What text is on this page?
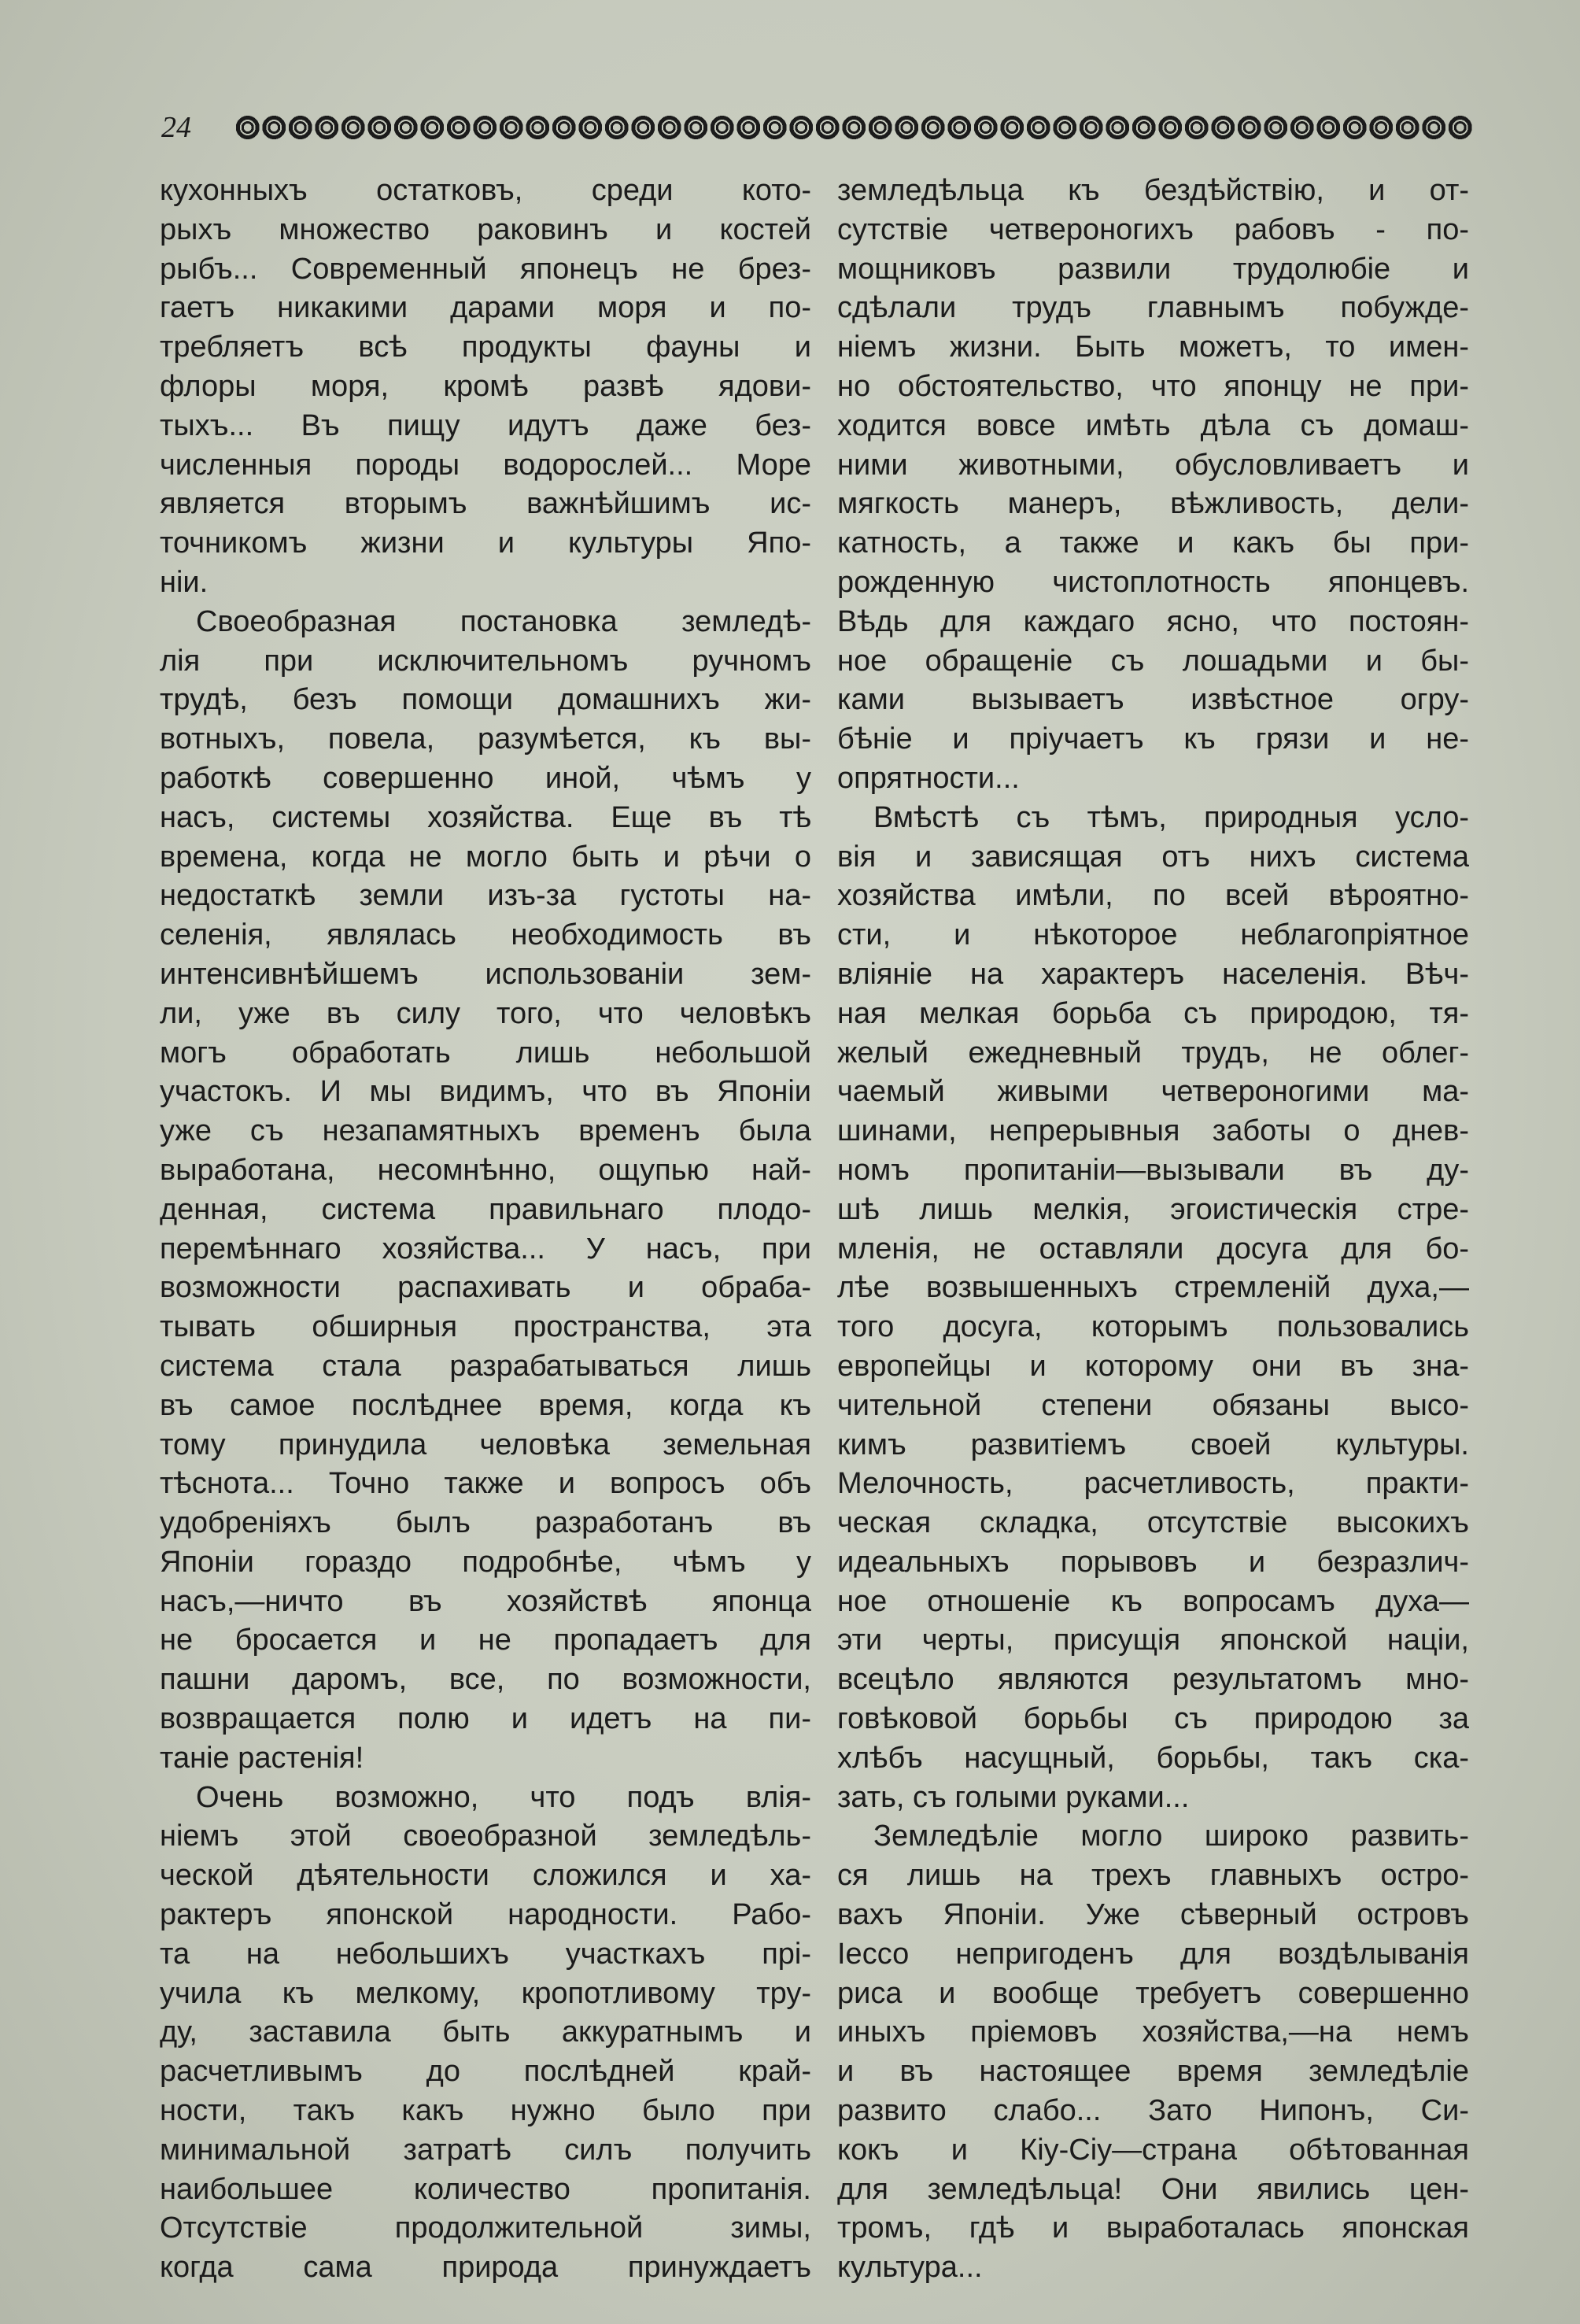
24
кухонныхъ остатковъ, среди кото-
рыхъ множество раковинъ и костей
рыбъ... Современный японецъ не брез-
гаетъ никакими дарами моря и по-
требляетъ всѣ продукты фауны и
флоры моря, кромѣ развѣ ядови-
тыхъ... Въ пищу идутъ даже без-
численныя породы водорослей... Море
является вторымъ важнѣйшимъ ис-
точникомъ жизни и культуры Япо-
ніи.
Своеобразная постановка земледѣ-
лія при исключительномъ ручномъ
трудѣ, безъ помощи домашнихъ жи-
вотныхъ, повела, разумѣется, къ вы-
работкѣ совершенно иной, чѣмъ у
насъ, системы хозяйства. Еще въ тѣ
времена, когда не могло быть и рѣчи о
недостаткѣ земли изъ-за густоты на-
селенія, являлась необходимость въ
интенсивнѣйшемъ использованіи зем-
ли, уже въ силу того, что человѣкъ
могъ обработать лишь небольшой
участокъ. И мы видимъ, что въ Японіи
уже съ незапамятныхъ временъ была
выработана, несомнѣнно, ощупью най-
денная, система правильнаго плодо-
перемѣннаго хозяйства... У насъ, при
возможности распахивать и обраба-
тывать обширныя пространства, эта
система стала разрабатываться лишь
въ самое послѣднее время, когда къ
тому принудила человѣка земельная
тѣснота... Точно также и вопросъ объ
удобреніяхъ былъ разработанъ въ
Японіи гораздо подробнѣе, чѣмъ у
насъ,—ничто въ хозяйствѣ японца
не бросается и не пропадаетъ для
пашни даромъ, все, по возможности,
возвращается полю и идетъ на пи-
таніе растенія!
Очень возможно, что подъ влія-
ніемъ этой своеобразной земледѣль-
ческой дѣятельности сложился и ха-
рактеръ японской народности. Рабо-
та на небольшихъ участкахъ прі-
учила къ мелкому, кропотливому тру-
ду, заставила быть аккуратнымъ и
расчетливымъ до послѣдней край-
ности, такъ какъ нужно было при
минимальной затратѣ силъ получить
наибольшее количество пропитанія.
Отсутствіе продолжительной зимы,
когда сама природа принуждаетъ
земледѣльца къ бездѣйствію, и от-
сутствіе четвероногихъ рабовъ - по-
мощниковъ развили трудолюбіе и
сдѣлали трудъ главнымъ побужде-
ніемъ жизни. Быть можетъ, то имен-
но обстоятельство, что японцу не при-
ходится вовсе имѣть дѣла съ домаш-
ними животными, обусловливаетъ и
мягкость манеръ, вѣжливость, дели-
катность, а также и какъ бы при-
рожденную чистоплотность японцевъ.
Вѣдь для каждаго ясно, что постоян-
ное обращеніе съ лошадьми и бы-
ками вызываетъ извѣстное огру-
бѣніе и пріучаетъ къ грязи и не-
опрятности...
Вмѣстѣ съ тѣмъ, природныя усло-
вія и зависящая отъ нихъ система
хозяйства имѣли, по всей вѣроятно-
сти, и нѣкоторое неблагопріятное
вліяніе на характеръ населенія. Вѣч-
ная мелкая борьба съ природою, тя-
желый ежедневный трудъ, не облег-
чаемый живыми четвероногими ма-
шинами, непрерывныя заботы о днев-
номъ пропитаніи—вызывали въ ду-
шѣ лишь мелкія, эгоистическія стре-
мленія, не оставляли досуга для бо-
лѣе возвышенныхъ стремленій духа,—
того досуга, которымъ пользовались
европейцы и которому они въ зна-
чительной степени обязаны высо-
кимъ развитіемъ своей культуры.
Мелочность, расчетливость, практи-
ческая складка, отсутствіе высокихъ
идеальныхъ порывовъ и безразлич-
ное отношеніе къ вопросамъ духа—
эти черты, присущія японской націи,
всецѣло являются результатомъ мно-
говѣковой борьбы съ природою за
хлѣбъ насущный, борьбы, такъ ска-
зать, съ голыми руками...
Земледѣліе могло широко развить-
ся лишь на трехъ главныхъ остро-
вахъ Японіи. Уже сѣверный островъ
Іессо непригоденъ для воздѣлыванія
риса и вообще требуетъ совершенно
иныхъ пріемовъ хозяйства,—на немъ
и въ настоящее время земледѣліе
развито слабо... Зато Нипонъ, Си-
кокъ и Кіу-Сіу—страна обѣтованная
для земледѣльца! Они явились цен-
тромъ, гдѣ и выработалась японская
культура...
